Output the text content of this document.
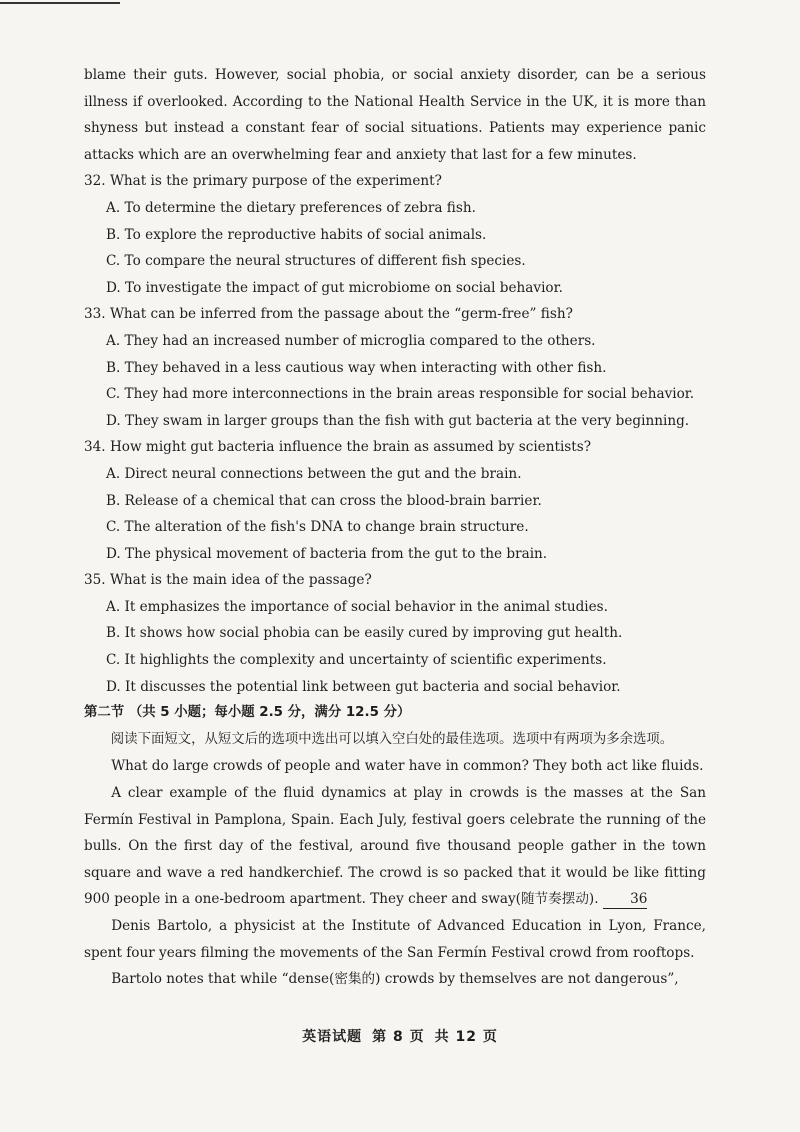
blame their guts. However, social phobia, or social anxiety disorder, can be a serious illness if overlooked. According to the National Health Service in the UK, it is more than shyness but instead a constant fear of social situations. Patients may experience panic attacks which are an overwhelming fear and anxiety that last for a few minutes.

32. What is the primary purpose of the experiment?

A. To determine the dietary preferences of zebra fish.

B. To explore the reproductive habits of social animals.

C. To compare the neural structures of different fish species.

D. To investigate the impact of gut microbiome on social behavior.

33. What can be inferred from the passage about the “germ-free” fish?

A. They had an increased number of microglia compared to the others.

B. They behaved in a less cautious way when interacting with other fish.

C. They had more interconnections in the brain areas responsible for social behavior.

D. They swam in larger groups than the fish with gut bacteria at the very beginning.

34. How might gut bacteria influence the brain as assumed by scientists?

A. Direct neural connections between the gut and the brain.

B. Release of a chemical that can cross the blood-brain barrier.

C. The alteration of the fish's DNA to change brain structure.

D. The physical movement of bacteria from the gut to the brain.

35. What is the main idea of the passage?

A. It emphasizes the importance of social behavior in the animal studies.

B. It shows how social phobia can be easily cured by improving gut health.

C. It highlights the complexity and uncertainty of scientific experiments.

D. It discusses the potential link between gut bacteria and social behavior.

第二节 （共 5 小题；每小题 2.5 分，满分 12.5 分）

阅读下面短文，从短文后的选项中选出可以填入空白处的最佳选项。选项中有两项为多余选项。

What do large crowds of people and water have in common? They both act like fluids.

A clear example of the fluid dynamics at play in crowds is the masses at the San Fermín Festival in Pamplona, Spain. Each July, festival goers celebrate the running of the bulls. On the first day of the festival, around five thousand people gather in the town square and wave a red handkerchief. The crowd is so packed that it would be like fitting 900 people in a one-bedroom apartment. They cheer and sway(随节奏摆动). 36

Denis Bartolo, a physicist at the Institute of Advanced Education in Lyon, France, spent four years filming the movements of the San Fermín Festival crowd from rooftops.

Bartolo notes that while “dense(密集的) crowds by themselves are not dangerous”,

英语试题 第 8 页 共 12 页
